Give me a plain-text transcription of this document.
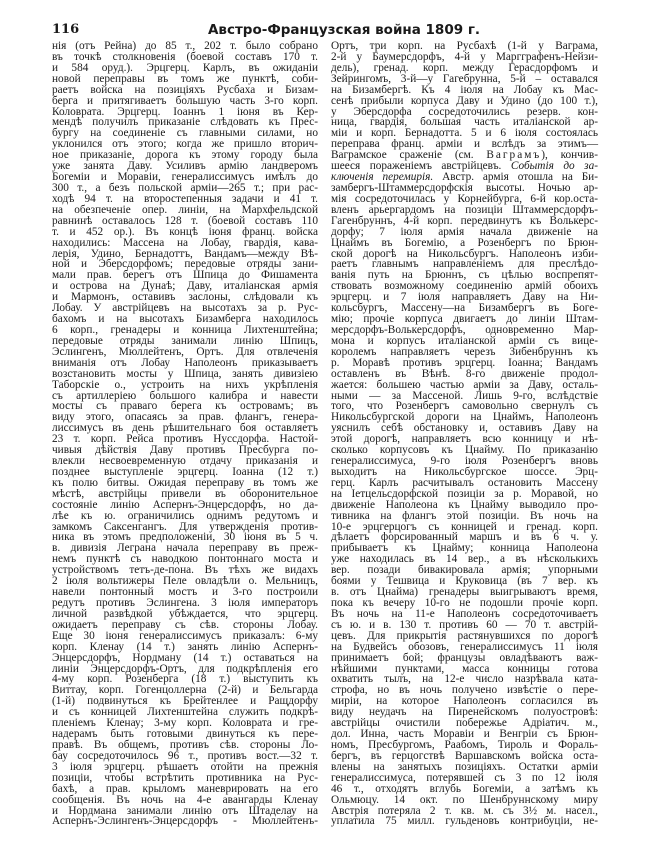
116	Австро-Французская война 1809 г.
нія (отъ Рейна) до 85 т., 202 т. было собрано
въ точкѣ столкновенія (боевой составъ 170 т.
и 584 оруд.). Эрцгерц. Карлъ, въ ожиданіи
новой переправы въ томъ же пунктѣ, соби-
раетъ войска на позиціяхъ Русбаха и Бизам-
берга и притягиваетъ большую часть 3-го корп.
Коловрата. Эрцгерц. Іоаннъ 1 іюня въ Кер-
мендѣ получилъ приказаніе слѣдовать къ Прес-
бургу на соединеніе съ главными силами, но
уклонился отъ этого; когда же пришло вторич-
ное приказаніе, дорога къ этому городу была
уже занята Даву. Усиливъ армію ландверомъ
Богеміи и Моравіи, генералиссимусъ имѣлъ до
300 т., а безъ польской арміи—265 т.; при рас-
ходѣ 94 т. на второстепенныя задачи и 41 т.
на обезпеченіе опер. линіи, на Мархфельдской
равнинѣ оставалось 128 т. (боевой составъ 110
т. и 452 ор.). Въ концѣ іюня франц. войска
находились: Массена на Лобау, гвардія, кава-
лерія, Удино, Бернадоттъ, Вандамъ—между Вѣ-
ной и Эберсдорфомъ; передовые отряды зани-
мали прав. берегъ отъ Шпица до Фишамента
и острова на Дунаѣ; Даву, италіанская армія
и Мармонъ, оставивъ заслоны, слѣдовали къ
Лобау. У австрійцевъ на высотахъ за р. Рус-
бахомъ и на высотахъ Бизамберга находилось
6 корп., гренадеры и конница Лихтенштейна;
передовые отряды занимали линію Шпицъ,
Эслингенъ, Мюллейтенъ, Ортъ. Для отвлеченія
вниманія отъ Лобау Наполеонъ приказываетъ
возстановить мосты у Шпица, занять дивизіею
Таборскіе о., устроить на нихъ укрѣпленія
съ артиллеріею большого калибра и навести
мосты съ праваго берега къ островамъ; въ
виду этого, опасаясь за прав. флангъ, генера-
лиссимусъ въ день рѣшительнаго боя оставляетъ
23 т. корп. Рейса противъ Нуссдорфа. Настой-
чивыя дѣйствія Даву противъ Пресбурга по-
влекли несвоевременную отдачу приказанія и
позднее выступленіе эрцгерц. Іоанна (12 т.)
къ полю битвы. Ожидая переправу въ томъ же
мѣстѣ, австрійцы привели въ оборонительное
состояніе линію Аспернъ-Энцерсдорфъ, но да-
лѣе къ ю. ограничились однимъ редутомъ и
замкомъ Саксенгангъ. Для утвержденія против-
ника въ этомъ предположеніи, 30 іюня въ 5 ч.
в. дивизія Леграна начала переправу въ преж-
немъ пунктѣ съ наводкою понтоннаго моста и
устройствомъ тетъ-де-пона. Въ тѣхъ же видахъ
2 іюля вольтижеры Пеле овладѣли о. Мельницъ,
навели понтонный мостъ и 3-го построили
редутъ противъ Эслингена. 3 іюля императоръ
личной развѣдкой убѣждается, что эрцгерц.
ожидаетъ переправу съ сѣв. стороны Лобау.
Еще 30 іюня генералиссимусъ приказалъ: 6-му
корп. Кленау (14 т.) занять линію Аспернъ-
Энцерсдорфъ, Нордману (14 т.) оставаться на
линіи Энцерсдорфъ-Ортъ, для подкрѣпленія его
4-му корп. Розенберга (18 т.) выступить къ
Виттау, корп. Гогенцоллерна (2-й) и Бельгарда
(1-й) подвинуться къ Брейтенлее и Ращдорфу
и съ конницей Лихтенштейна служить подкрѣ-
пленіемъ Кленау; 3-му корп. Коловрата и гре-
надерамъ быть готовыми двинуться къ пере-
правѣ. Въ общемъ, противъ сѣв. стороны Ло-
бау сосредоточилось 96 т., противъ вост.—32 т.
3 іюля эрцгерц. рѣшаетъ отойти на прежнія
позиціи, чтобы встрѣтить противника на Рус-
бахѣ, а прав. крыломъ маневрировать на его
сообщенія. Въ ночь на 4-е авангарды Кленау
и Нордмана занимали линію отъ Штаделау на
Аспернъ-Эслингенъ-Энцерсдорфъ - Мюллейтенъ-
Ортъ, три корп. на Русбахѣ (1-й у Ваграма,
2-й у Баумерсдорфъ, 4-й у Маргграфенъ-Нейзи-
дель), гренад. корп. между Герасдорфомъ и
Зейрингомъ, 3-й—у Гагебрунна, 5-й – оставался
на Бизамбергѣ. Къ 4 іюля на Лобау къ Мас-
сенѣ прибыли корпуса Даву и Удино (до 100 т.),
у Эберсдорфа сосредоточились резерв. кон-
ница, гвардія, большая часть италіанской ар-
міи и корп. Бернадотта. 5 и 6 іюля состоялась
переправа франц. арміи и вслѣдъ за этимъ—
Ваграмское сраженіе (см. Ваграмъ), кончив-
шееся пораженіемъ австрійцевъ. Событія до за-
ключенія перемирія. Австр. армія отошла на Би-
замбергъ-Штаммерсдорфскія высоты. Ночью ар-
мія сосредоточилась у Корнейбурга, 6-й кор.оста-
вленъ арьергардомъ на позиціи Штаммерсдорфъ-
Гагенбруннъ, 4-й корп. передвинутъ къ Волькерс-
дорфу; 7 іюля армія начала движеніе на
Цнаймъ въ Богемію, а Розенбергъ по Брюн-
ской дорогѣ на Никольсбургъ. Наполеонъ изби-
раетъ главнымъ направленіемъ для преслѣдо-
ванія путь на Брюннъ, съ цѣлью воспрепят-
ствовать возможному соединенію армій обоихъ
эрцгерц. и 7 іюля направляетъ Даву на Ни-
кольсбургъ, Массену—на Бизамбергъ въ Боге-
мію; прочіе корпуса двигаетъ до линіи Штам-
мерсдорфъ-Волькерсдорфъ, одновременно Мар-
мона и корпусъ италіанской арміи съ вице-
королемъ направляетъ черезъ Зибенбруннъ къ
р. Моравѣ противъ эрцгерц. Іоанна; Вандамъ
оставленъ въ Вѣнѣ. 8-го движеніе продол-
жается: большею частью арміи за Даву, осталь-
ными — за Массеной. Лишь 9-го, вслѣдствіе
того, что Розенбергъ самовольно свернулъ съ
Никольсбургской дороги на Цнаймъ, Наполеонъ
уяснилъ себѣ обстановку и, оставивъ Даву на
этой дорогѣ, направляетъ всю конницу и нѣ-
сколько корпусовъ къ Цнайму. По приказанію
генералиссимуса, 9-го іюля Розенбергъ вновь
выходитъ на Никольсбургское шоссе. Эрц-
герц. Карлъ расчитывалъ остановить Массену
на Іетцельсдорфской позиціи за р. Моравой, но
движеніе Наполеона къ Цнайму выводило про-
тивника на флангъ этой позиціи. Въ ночь на
10-е эрцгерцогъ съ конницей и гренад. корп.
дѣлаетъ форсированный маршъ и въ 6 ч. у.
прибываетъ къ Цнайму; конница Наполеона
уже находилась въ 14 вер., а въ нѣсколькихъ
вер. позади бивакировала армія; упорными
боями у Тешвица и Круковица (въ 7 вер. къ
в. отъ Цнайма) гренадеры выигрываютъ время,
пока къ вечеру 10-го не подошли прочіе корп.
Въ ночь на 11-е Наполеонъ сосредоточиваетъ
съ ю. и в. 130 т. противъ 60 — 70 т. австрій-
цевъ. Для прикрытія растянувшихся по дорогѣ
на Будвейсъ обозовъ, генералиссимусъ 11 іюля
принимаетъ бой; французы овладѣваютъ важ-
нѣйшими пунктами, масса конницы готова
охватить тылъ, на 12-е число назрѣвала ката-
строфа, но въ ночь получено извѣстіе о пере-
миріи, на которое Наполеонъ согласился въ
виду неудачъ на Пиренейскомъ полуостровѣ:
австрійцы очистили побережье Адріатич. м.,
дол. Инна, часть Моравіи и Венгріи съ Брюн-
номъ, Пресбургомъ, Раабомъ, Тироль и Фораль-
бергъ, въ герцогствѣ Варшавскомъ войска оста-
влены на занятыхъ позиціяхъ. Остатки арміи
генералиссимуса, потерявшей съ 3 по 12 іюля
46 т., отходятъ вглубь Богеміи, а затѣмъ къ
Ольмюцу. 14 окт. по Шенбруннскому миру
Австрія потеряла 2 т. кв. м. съ 3½ м. насел.,
уплатила 75 милл. гульденовъ контрибуціи, не-
